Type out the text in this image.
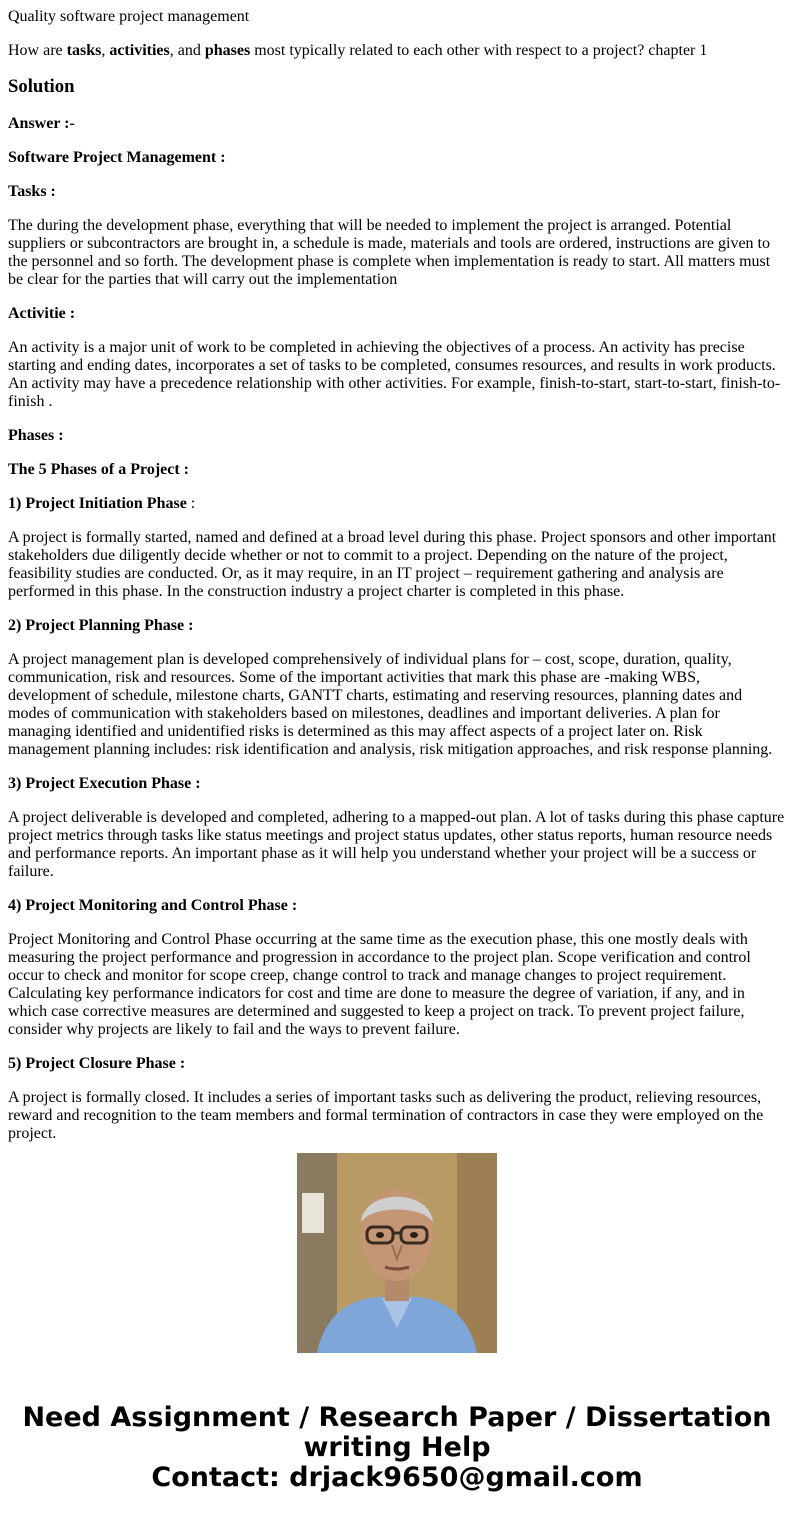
Quality software project management

How are tasks, activities, and phases most typically related to each other with respect to a project? chapter 1

Solution

Answer :-

Software Project Management :

Tasks :

The during the development phase, everything that will be needed to implement the project is arranged. Potential suppliers or subcontractors are brought in, a schedule is made, materials and tools are ordered, instructions are given to the personnel and so forth. The development phase is complete when implementation is ready to start. All matters must be clear for the parties that will carry out the implementation

Activitie :

An activity is a major unit of work to be completed in achieving the objectives of a process. An activity has precise starting and ending dates, incorporates a set of tasks to be completed, consumes resources, and results in work products. An activity may have a precedence relationship with other activities. For example, finish-to-start, start-to-start, finish-to-finish .

Phases :

The 5 Phases of a Project :

1) Project Initiation Phase :

A project is formally started, named and defined at a broad level during this phase. Project sponsors and other important stakeholders due diligently decide whether or not to commit to a project. Depending on the nature of the project, feasibility studies are conducted. Or, as it may require, in an IT project – requirement gathering and analysis are performed in this phase. In the construction industry a project charter is completed in this phase.

2) Project Planning Phase :

A project management plan is developed comprehensively of individual plans for – cost, scope, duration, quality, communication, risk and resources. Some of the important activities that mark this phase are -making WBS, development of schedule, milestone charts, GANTT charts, estimating and reserving resources, planning dates and modes of communication with stakeholders based on milestones, deadlines and important deliveries. A plan for managing identified and unidentified risks is determined as this may affect aspects of a project later on. Risk management planning includes: risk identification and analysis, risk mitigation approaches, and risk response planning.

3) Project Execution Phase :

A project deliverable is developed and completed, adhering to a mapped-out plan. A lot of tasks during this phase capture project metrics through tasks like status meetings and project status updates, other status reports, human resource needs and performance reports. An important phase as it will help you understand whether your project will be a success or failure.

4) Project Monitoring and Control Phase :

Project Monitoring and Control Phase occurring at the same time as the execution phase, this one mostly deals with measuring the project performance and progression in accordance to the project plan. Scope verification and control occur to check and monitor for scope creep, change control to track and manage changes to project requirement. Calculating key performance indicators for cost and time are done to measure the degree of variation, if any, and in which case corrective measures are determined and suggested to keep a project on track. To prevent project failure, consider why projects are likely to fail and the ways to prevent failure.

5) Project Closure Phase :

A project is formally closed. It includes a series of important tasks such as delivering the product, relieving resources, reward and recognition to the team members and formal termination of contractors in case they were employed on the project.

Need Assignment / Research Paper / Dissertation
writing Help
Contact: drjack9650@gmail.com
